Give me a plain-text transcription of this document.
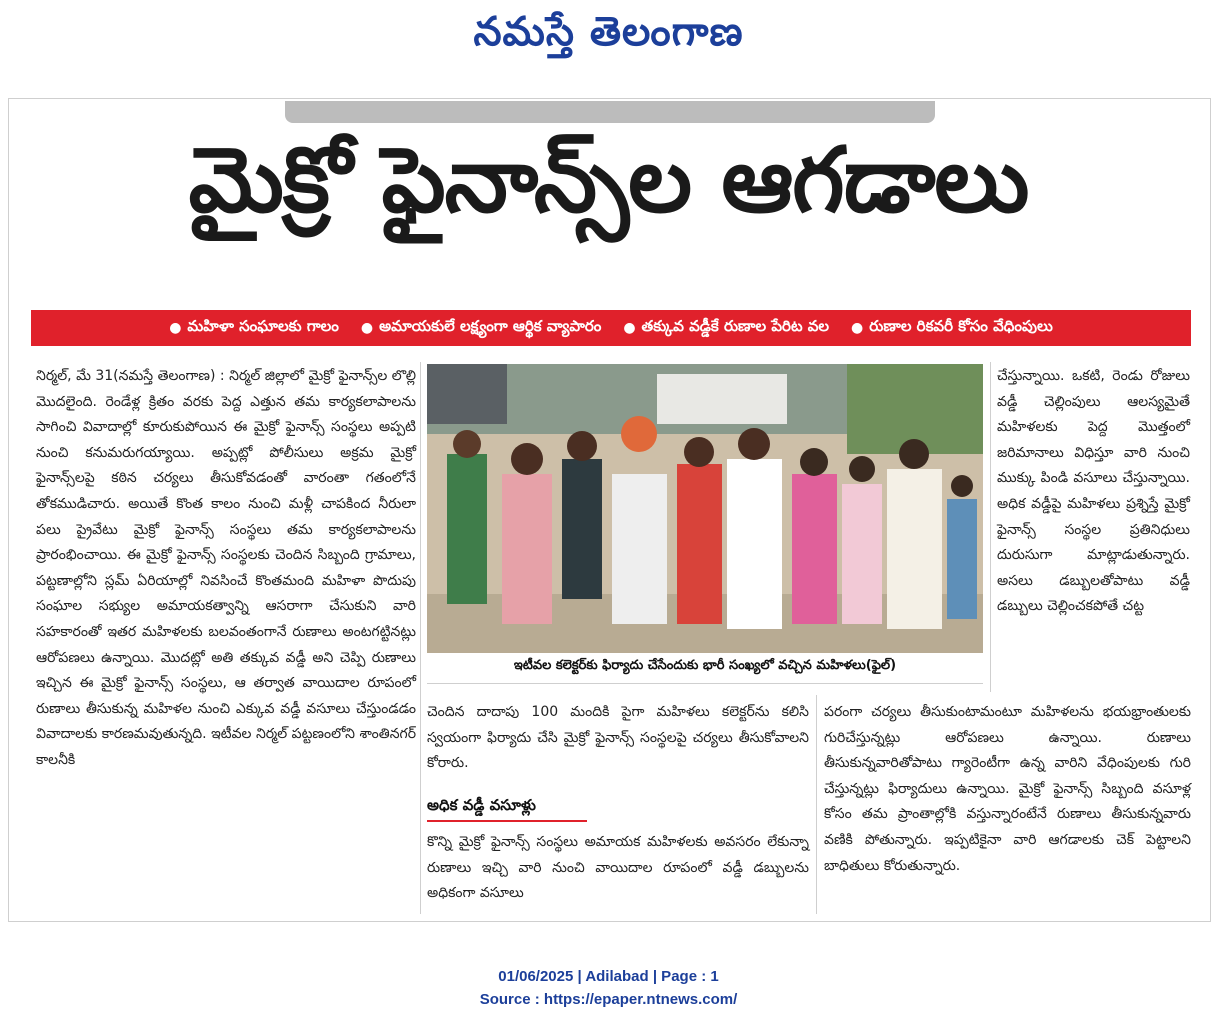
నమస్తే తెలంగాణ
మైక్రో ఫైనాన్స్‌ల ఆగడాలు
● మహిళా సంఘాలకు గాలం ● అమాయకులే లక్ష్యంగా ఆర్థిక వ్యాపారం ● తక్కువ వడ్డీకే రుణాల పేరిట వల ● రుణాల రికవరీ కోసం వేధింపులు
నిర్మల్‌, మే 31(నమస్తే తెలంగాణ) : నిర్మల్‌ జిల్లాలో మైక్రో ఫైనాన్స్‌ల లొల్లి మొదలైంది. రెండేళ్ల క్రితం వరకు పెద్ద ఎత్తున తమ కార్యకలాపాలను సాగించి వివాదాల్లో కూరుకుపోయిన ఈ మైక్రో ఫైనాన్స్‌ సంస్థలు అప్పటి నుంచి కనుమరుగయ్యాయి. అప్పట్లో పోలీసులు అక్రమ మైక్రో ఫైనాన్స్‌లపై కఠిన చర్యలు తీసుకోవడంతో వారంతా గతంలోనే తోకముడిచారు. అయితే కొంత కాలం నుంచి మళ్లీ చాపకింద నీరులా పలు ప్రైవేటు మైక్రో ఫైనాన్స్‌ సంస్థలు తమ కార్యకలాపాలను ప్రారంభించాయి. ఈ మైక్రో ఫైనాన్స్‌ సంస్థలకు చెందిన సిబ్బంది గ్రామాలు, పట్టణాల్లోని స్లమ్‌ ఏరియాల్లో నివసించే కొంతమంది మహిళా పొదుపు సంఘాల సభ్యుల అమాయకత్వాన్ని ఆసరాగా చేసుకుని వారి సహకారంతో ఇతర మహిళలకు బలవంతంగానే రుణాలు అంటగట్టినట్లు ఆరోపణలు ఉన్నాయి. మొదట్లో అతి తక్కువ వడ్డీ అని చెప్పి రుణాలు ఇచ్చిన ఈ మైక్రో ఫైనాన్స్‌ సంస్థలు, ఆ తర్వాత వాయిదాల రూపంలో రుణాలు తీసుకున్న మహిళల నుంచి ఎక్కువ వడ్డీ వసూలు చేస్తుండడం వివాదాలకు కారణమవుతున్నది. ఇటీవల నిర్మల్‌ పట్టణంలోని శాంతినగర్‌ కాలనీకి
ఇటీవల కలెక్టర్‌కు ఫిర్యాదు చేసేందుకు భారీ సంఖ్యలో వచ్చిన మహిళలు(ఫైల్‌)
చెందిన దాదాపు 100 మందికి పైగా మహిళలు కలెక్టర్‌ను కలిసి స్వయంగా ఫిర్యాదు చేసి మైక్రో ఫైనాన్స్‌ సంస్థలపై చర్యలు తీసుకోవాలని కోరారు.
అధిక వడ్డీ వసూళ్లు
కొన్ని మైక్రో ఫైనాన్స్‌ సంస్థలు అమాయక మహిళలకు అవసరం లేకున్నా రుణాలు ఇచ్చి వారి నుంచి వాయిదాల రూపంలో వడ్డీ డబ్బులను అధికంగా వసూలు
చేస్తున్నాయి. ఒకటి, రెండు రోజులు వడ్డీ చెల్లింపులు ఆలస్యమైతే మహిళలకు పెద్ద మొత్తంలో జరిమానాలు విధిస్తూ వారి నుంచి ముక్కు పిండి వసూలు చేస్తున్నాయి. అధిక వడ్డీపై మహిళలు ప్రశ్నిస్తే మైక్రో ఫైనాన్స్‌ సంస్థల ప్రతినిధులు దురుసుగా మాట్లాడుతున్నారు. అసలు డబ్బులతోపాటు వడ్డీ డబ్బులు చెల్లించకపోతే చట్ట
పరంగా చర్యలు తీసుకుంటామంటూ మహిళలను భయభ్రాంతులకు గురిచేస్తున్నట్లు ఆరోపణలు ఉన్నాయి. రుణాలు తీసుకున్నవారితోపాటు గ్యారెంటీగా ఉన్న వారిని వేధింపులకు గురి చేస్తున్నట్లు ఫిర్యాదులు ఉన్నాయి. మైక్రో ఫైనాన్స్‌ సిబ్బంది వసూళ్ల కోసం తమ ప్రాంతాల్లోకి వస్తున్నారంటేనే రుణాలు తీసుకున్నవారు వణికి పోతున్నారు. ఇప్పటికైనా వారి ఆగడాలకు చెక్‌ పెట్టాలని బాధితులు కోరుతున్నారు.
01/06/2025 | Adilabad | Page : 1
Source : https://epaper.ntnews.com/
